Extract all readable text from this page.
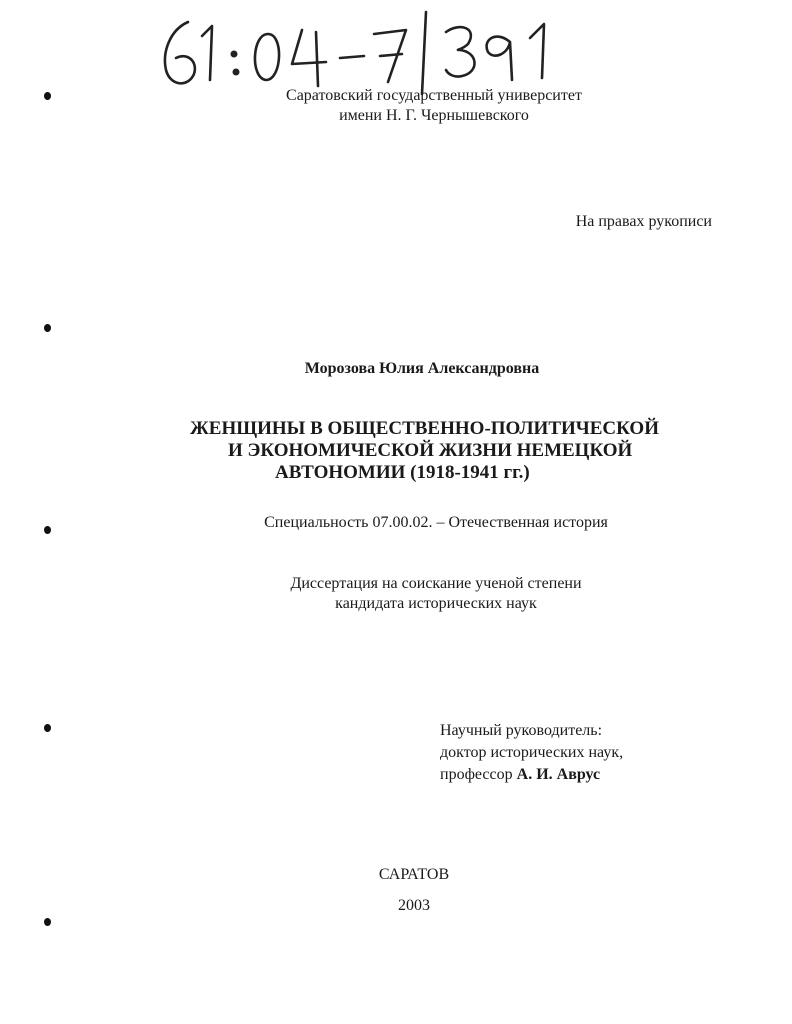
Саратовский государственный университет
имени Н. Г. Чернышевского
На правах рукописи
Морозова Юлия Александровна
ЖЕНЩИНЫ В ОБЩЕСТВЕННО-ПОЛИТИЧЕСКОЙ
И ЭКОНОМИЧЕСКОЙ ЖИЗНИ НЕМЕЦКОЙ
АВТОНОМИИ (1918-1941 гг.)
Специальность 07.00.02. – Отечественная история
Диссертация на соискание ученой степени
кандидата исторических наук
Научный руководитель:
доктор исторических наук,
профессор А. И. Аврус
САРАТОВ
2003
